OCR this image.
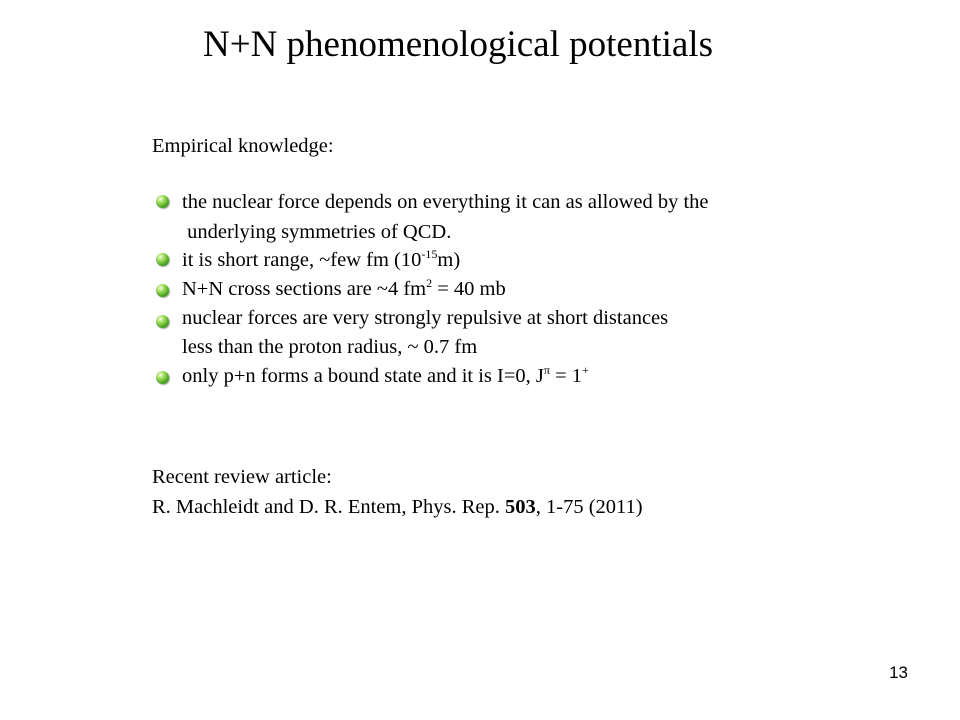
N+N phenomenological potentials
Empirical knowledge:
the nuclear force depends on everything it can as allowed by the
underlying symmetries of QCD.
it is short range, ~few fm $(10^{-15}m)$
N+N cross sections are ~4 $fm^2 = 40$ mb
nuclear forces are very strongly repulsive at short distances
less than the proton radius, ~ 0.7 fm
only p+n forms a bound state and it is I=0, $J^\pi = 1^+$
Recent review article:
R. Machleidt and D. R. Entem, Phys. Rep. 503, 1-75 (2011)
13
